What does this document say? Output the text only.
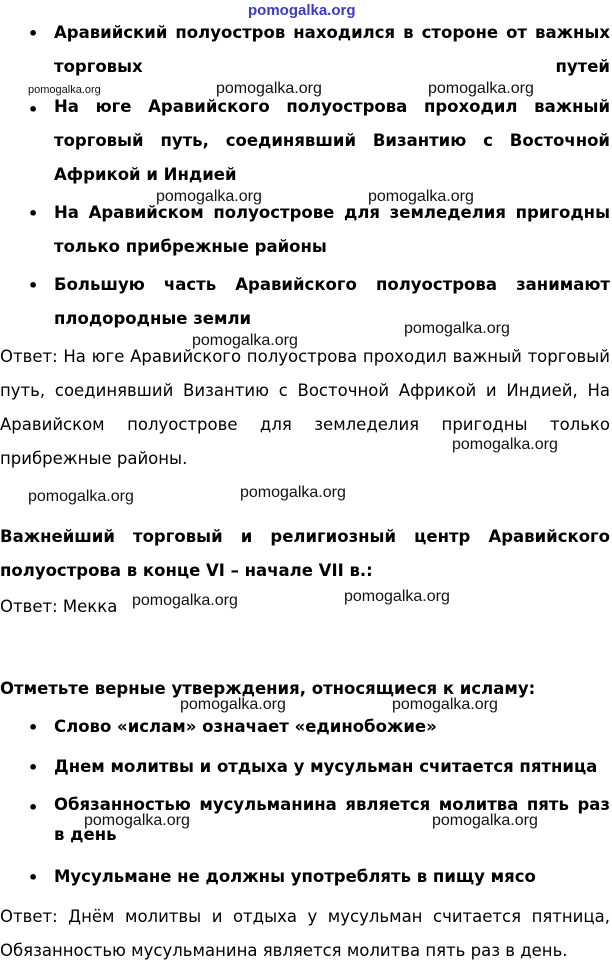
pomogalka.org
• Аравийский полуостров находился в стороне от важных торговых путей

• На юге Аравийского полуострова проходил важный торговый путь, соединявший Византию с Восточной Африкой и Индией

• На Аравийском полуострове для земледелия пригодны только прибрежные районы

• Большую часть Аравийского полуострова занимают плодородные земли

Ответ: На юге Аравийского полуострова проходил важный торговый путь, соединявший Византию с Восточной Африкой и Индией, На Аравийском полуострове для земледелия пригодны только прибрежные районы.

Важнейший торговый и религиозный центр Аравийского полуострова в конце VI – начале VII в.:

Ответ: Мекка

Отметьте верные утверждения, относящиеся к исламу:

• Слово «ислам» означает «единобожие»

• Днем молитвы и отдыха у мусульман считается пятница

• Обязанностью мусульманина является молитва пять раз в день

• Мусульмане не должны употреблять в пищу мясо

Ответ: Днём молитвы и отдыха у мусульман считается пятница, Обязанностью мусульманина является молитва пять раз в день.

pomogalka.org	pomogalka.org	pomogalka.org
pomogalka.org	pomogalka.org
pomogalka.org
pomogalka.org
pomogalka.org
pomogalka.org	pomogalka.org
pomogalka.org	pomogalka.org
pomogalka.org	pomogalka.org
pomogalka.org	pomogalka.org
